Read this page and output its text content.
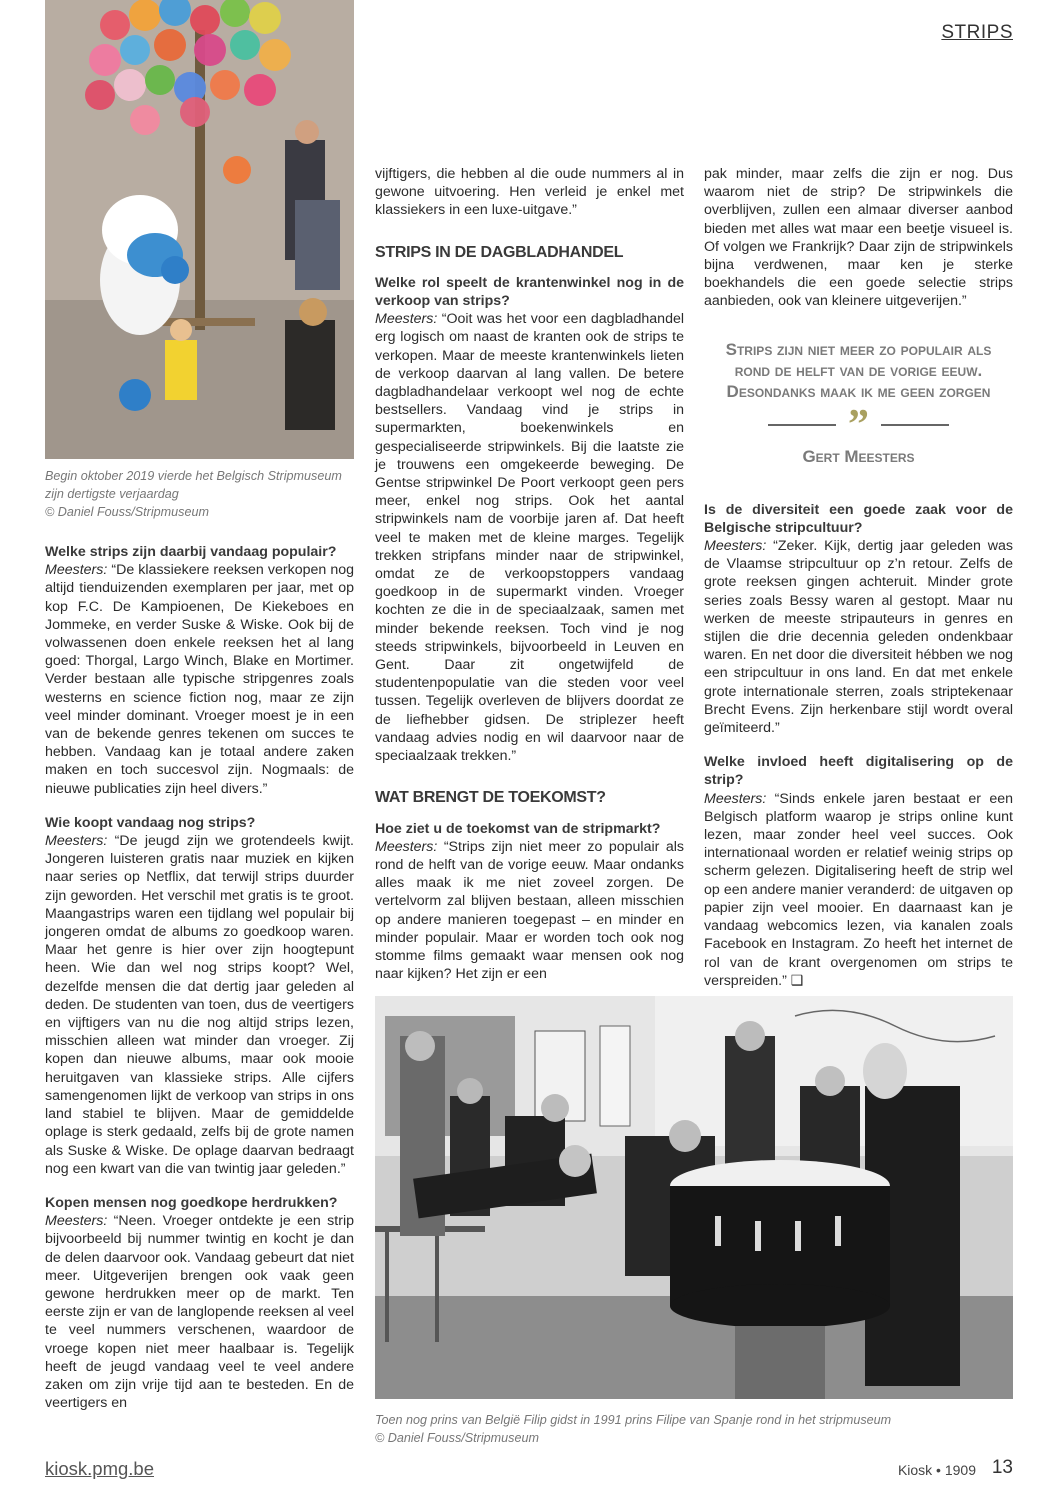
STRIPS
Begin oktober 2019 vierde het Belgisch Stripmuseum
zijn dertigste verjaardag
© Daniel Fouss/Stripmuseum

Welke strips zijn daarbij vandaag populair?
Meesters: “De klassiekere reeksen verkopen nog altijd tienduizenden exemplaren per jaar, met op kop F.C. De Kampioenen, De Kiekeboes en Jommeke, en verder Suske & Wiske. Ook bij de volwassenen doen enkele reeksen het al lang goed: Thorgal, Largo Winch, Blake en Mortimer. Verder bestaan alle typische stripgenres zoals westerns en science fiction nog, maar ze zijn veel minder dominant. Vroeger moest je in een van de bekende genres tekenen om succes te hebben. Vandaag kan je totaal andere zaken maken en toch succesvol zijn. Nogmaals: de nieuwe publicaties zijn heel divers.”

Wie koopt vandaag nog strips?
Meesters: “De jeugd zijn we grotendeels kwijt. Jongeren luisteren gratis naar muziek en kijken naar series op Netflix, dat terwijl strips duurder zijn geworden. Het verschil met gratis is te groot. Maangastrips waren een tijdlang wel populair bij jongeren omdat de albums zo goedkoop waren. Maar het genre is hier over zijn hoogtepunt heen. Wie dan wel nog strips koopt? Wel, dezelfde mensen die dat dertig jaar geleden al deden. De studenten van toen, dus de veertigers en vijftigers van nu die nog altijd strips lezen, misschien alleen wat minder dan vroeger. Zij kopen dan nieuwe albums, maar ook mooie heruitgaven van klassieke strips. Alle cijfers samengenomen lijkt de verkoop van strips in ons land stabiel te blijven. Maar de gemiddelde oplage is sterk gedaald, zelfs bij de grote namen als Suske & Wiske. De oplage daarvan bedraagt nog een kwart van die van twintig jaar geleden.”

Kopen mensen nog goedkope herdrukken?
Meesters: “Neen. Vroeger ontdekte je een strip bijvoorbeeld bij nummer twintig en kocht je dan de delen daarvoor ook. Vandaag gebeurt dat niet meer. Uitgeverijen brengen ook vaak geen gewone herdrukken meer op de markt. Ten eerste zijn er van de langlopende reeksen al veel te veel nummers verschenen, waardoor de vroege kopen niet meer haalbaar is. Tegelijk heeft de jeugd vandaag veel te veel andere zaken om zijn vrije tijd aan te besteden. En de veertigers en

vijftigers, die hebben al die oude nummers al in gewone uitvoering. Hen verleid je enkel met klassiekers in een luxe-uitgave.”

STRIPS IN DE DAGBLADHANDEL

Welke rol speelt de krantenwinkel nog in de verkoop van strips?
Meesters: “Ooit was het voor een dagbladhandel erg logisch om naast de kranten ook de strips te verkopen. Maar de meeste krantenwinkels lieten de verkoop daarvan al lang vallen. De betere dagbladhandelaar verkoopt wel nog de echte bestsellers. Vandaag vind je strips in supermarkten, boekenwinkels en gespecialiseerde stripwinkels. Bij die laatste zie je trouwens een omgekeerde beweging. De Gentse stripwinkel De Poort verkoopt geen pers meer, enkel nog strips. Ook het aantal stripwinkels nam de voorbije jaren af. Dat heeft veel te maken met de kleine marges. Tegelijk trekken stripfans minder naar de stripwinkel, omdat ze de verkoopstoppers vandaag goedkoop in de supermarkt vinden. Vroeger kochten ze die in de speciaalzaak, samen met minder bekende reeksen. Toch vind je nog steeds stripwinkels, bijvoorbeeld in Leuven en Gent. Daar zit ongetwijfeld de studentenpopulatie van die steden voor veel tussen. Tegelijk overleven de blijvers doordat ze de liefhebber gidsen. De striplezer heeft vandaag advies nodig en wil daarvoor naar de speciaalzaak trekken.”

WAT BRENGT DE TOEKOMST?

Hoe ziet u de toekomst van de stripmarkt?
Meesters: “Strips zijn niet meer zo populair als rond de helft van de vorige eeuw. Maar ondanks alles maak ik me niet zoveel zorgen. De vertelvorm zal blijven bestaan, alleen misschien op andere manieren toegepast – en minder en minder populair. Maar er worden toch ook nog stomme films gemaakt waar mensen ook nog naar kijken? Het zijn er een

pak minder, maar zelfs die zijn er nog. Dus waarom niet de strip? De stripwinkels die overblijven, zullen een almaar diverser aanbod bieden met alles wat maar een beetje visueel is. Of volgen we Frankrijk? Daar zijn de stripwinkels bijna verdwenen, maar ken je sterke boekhandels die een goede selectie strips aanbieden, ook van kleinere uitgeverijen.”

Strips zijn niet meer zo populair als
rond de helft van de vorige eeuw.
Desondanks maak ik me geen zorgen
”
Gert Meesters

Is de diversiteit een goede zaak voor de Belgische stripcultuur?
Meesters: “Zeker. Kijk, dertig jaar geleden was de Vlaamse stripcultuur op z’n retour. Zelfs de grote reeksen gingen achteruit. Minder grote series zoals Bessy waren al gestopt. Maar nu werken de meeste stripauteurs in genres en stijlen die drie decennia geleden ondenkbaar waren. En net door die diversiteit hébben we nog een stripcultuur in ons land. En dat met enkele grote internationale sterren, zoals striptekenaar Brecht Evens. Zijn herkenbare stijl wordt overal geïmiteerd.”

Welke invloed heeft digitalisering op de strip?
Meesters: “Sinds enkele jaren bestaat er een Belgisch platform waarop je strips online kunt lezen, maar zonder heel veel succes. Ook internationaal worden er relatief weinig strips op scherm gelezen. Digitalisering heeft de strip wel op een andere manier veranderd: de uitgaven op papier zijn veel mooier. En daarnaast kan je vandaag webcomics lezen, via kanalen zoals Facebook en Instagram. Zo heeft het internet de rol van de krant overgenomen om strips te verspreiden.” ❑

Toen nog prins van België Filip gidst in 1991 prins Filipe van Spanje rond in het stripmuseum
© Daniel Fouss/Stripmuseum
kiosk.pmg.be	Kiosk • 1909 13
